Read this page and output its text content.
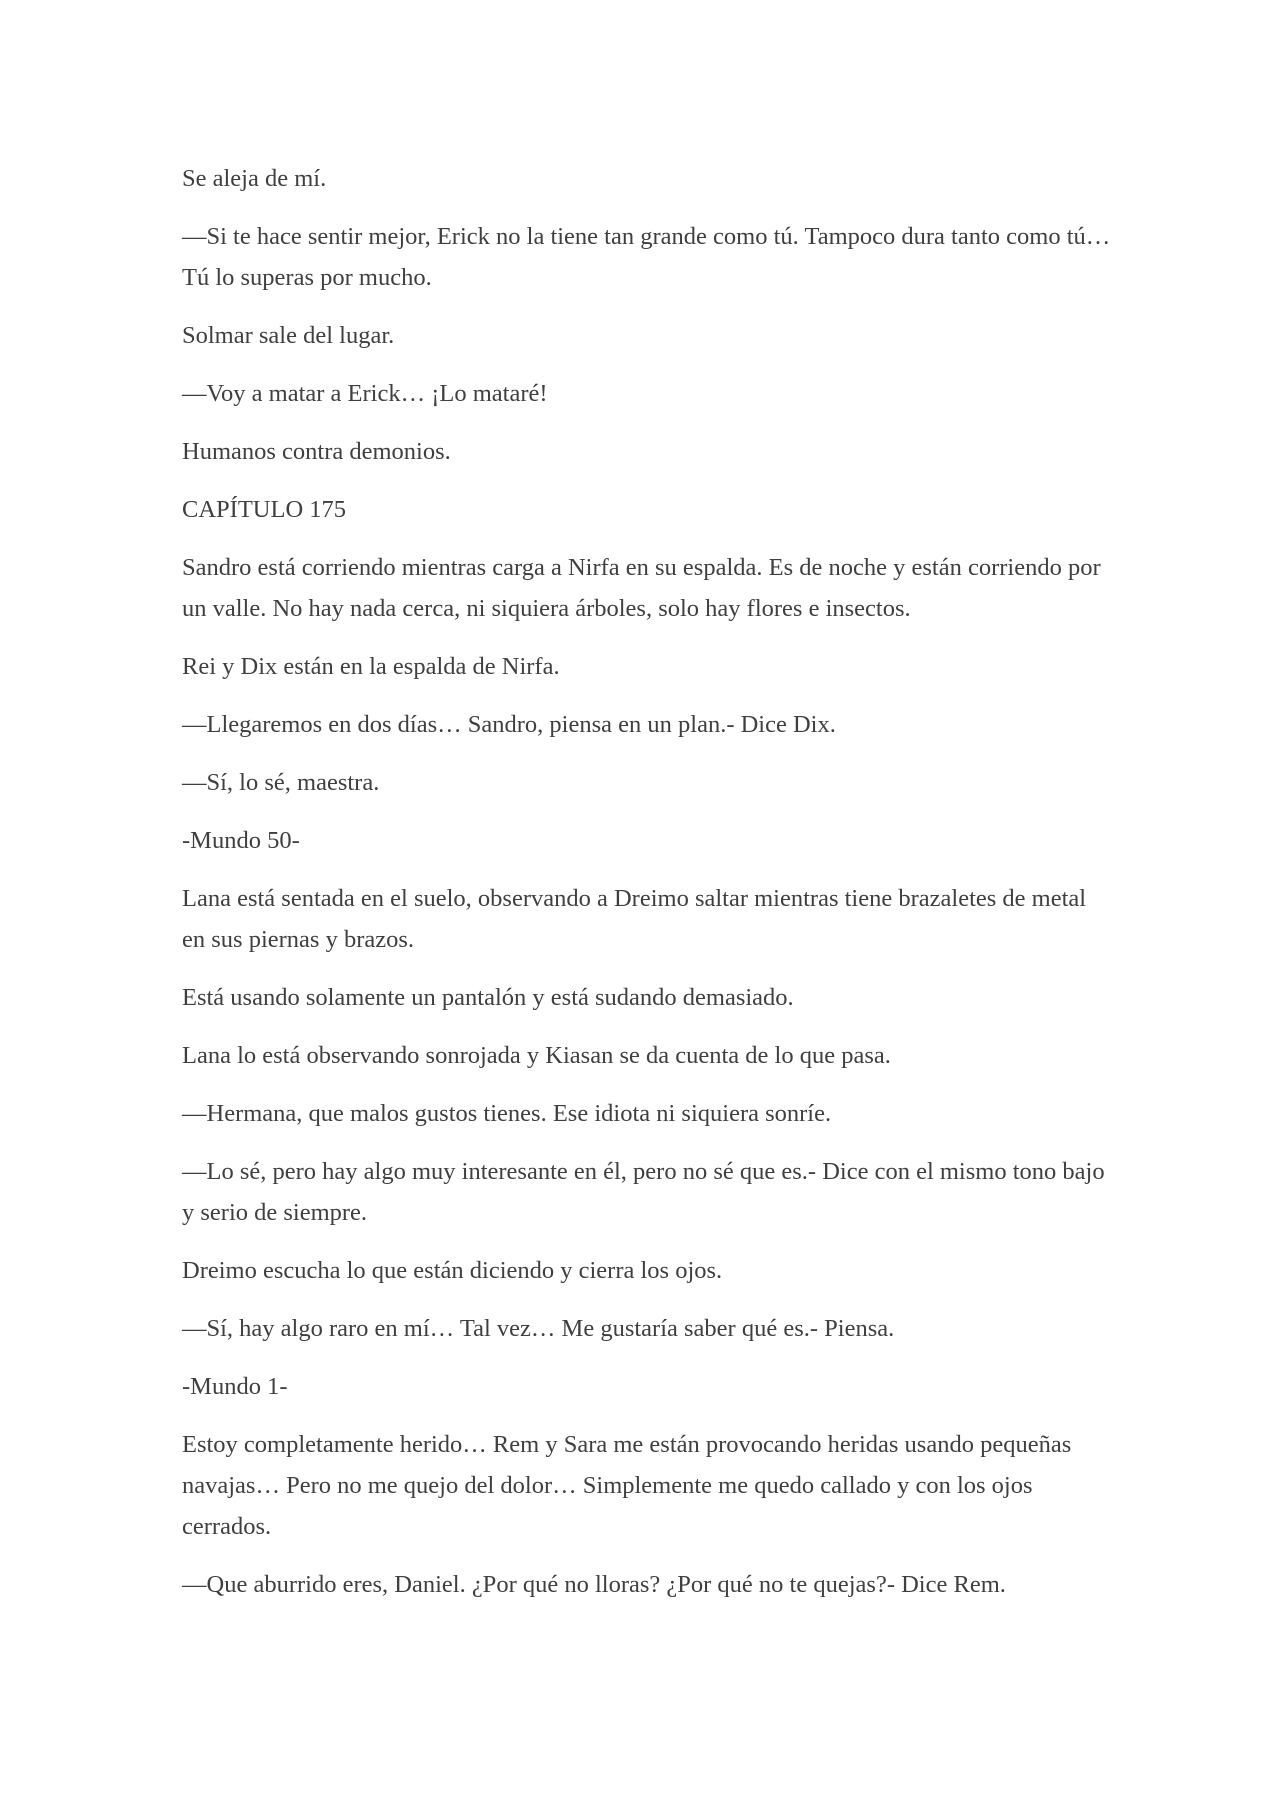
Se aleja de mí.

—Si te hace sentir mejor, Erick no la tiene tan grande como tú. Tampoco dura tanto como tú… Tú lo superas por mucho.

Solmar sale del lugar.

—Voy a matar a Erick… ¡Lo mataré!

Humanos contra demonios.

CAPÍTULO 175

Sandro está corriendo mientras carga a Nirfa en su espalda. Es de noche y están corriendo por un valle. No hay nada cerca, ni siquiera árboles, solo hay flores e insectos.

Rei y Dix están en la espalda de Nirfa.

—Llegaremos en dos días… Sandro, piensa en un plan.- Dice Dix.

—Sí, lo sé, maestra.

-Mundo 50-

Lana está sentada en el suelo, observando a Dreimo saltar mientras tiene brazaletes de metal en sus piernas y brazos.

Está usando solamente un pantalón y está sudando demasiado.

Lana lo está observando sonrojada y Kiasan se da cuenta de lo que pasa.

—Hermana, que malos gustos tienes. Ese idiota ni siquiera sonríe.

—Lo sé, pero hay algo muy interesante en él, pero no sé que es.- Dice con el mismo tono bajo y serio de siempre.

Dreimo escucha lo que están diciendo y cierra los ojos.

—Sí, hay algo raro en mí… Tal vez… Me gustaría saber qué es.- Piensa.

-Mundo 1-

Estoy completamente herido… Rem y Sara me están provocando heridas usando pequeñas navajas… Pero no me quejo del dolor… Simplemente me quedo callado y con los ojos cerrados.

—Que aburrido eres, Daniel. ¿Por qué no lloras? ¿Por qué no te quejas?- Dice Rem.
